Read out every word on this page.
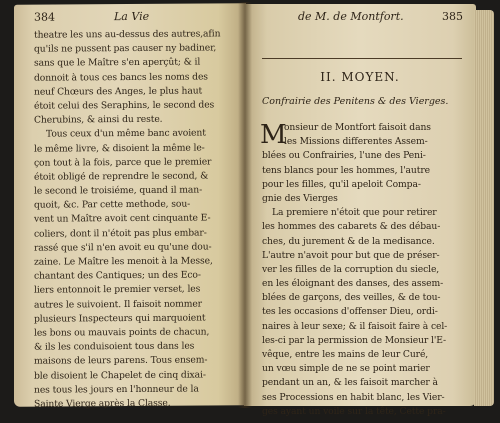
384	La Vie
theatre les uns au-dessus des autres,afin
qu'ils ne pussent pas causer ny badiner,
sans que le Maître s'en aperçût; & il
donnoit à tous ces bancs les noms des
neuf Chœurs des Anges, le plus haut
étoit celui des Seraphins, le second des
Cherubins, & ainsi du reste.
Tous ceux d'un même banc avoient
le même livre, & disoient la même le-
çon tout à la fois, parce que le premier
étoit obligé de reprendre le second, &
le second le troisiéme, quand il man-
quoit, &c. Par cette methode, sou-
vent un Maître avoit cent cinquante E-
coliers, dont il n'étoit pas plus embar-
rassé que s'il n'en avoit eu qu'une dou-
zaine. Le Maître les menoit à la Messe,
chantant des Cantiques; un des Eco-
liers entonnoit le premier verset, les
autres le suivoient. Il faisoit nommer
plusieurs Inspecteurs qui marquoient
les bons ou mauvais points de chacun,
& ils les conduisoient tous dans les
maisons de leurs parens. Tous ensem-
ble disoient le Chapelet de cinq dixai-
nes tous les jours en l'honneur de la
Sainte Vierge après la Classe.
de M. de Montfort.	385
II. MOYEN.
Confrairie des Penitens & des Vierges.
M
onsieur de Montfort faisoit dans
les Missions differentes Assem-
blées ou Confrairies, l'une des Peni-
tens blancs pour les hommes, l'autre
pour les filles, qu'il apeloit Compa-
gnie des Vierges
La premiere n'étoit que pour retirer
les hommes des cabarets & des débau-
ches, du jurement & de la medisance.
L'autre n'avoit pour but que de préser-
ver les filles de la corruption du siecle,
en les éloignant des danses, des assem-
blées de garçons, des veilles, & de tou-
tes les occasions d'offenser Dieu, ordi-
naires à leur sexe; & il faisoit faire à cel-
les-ci par la permission de Monsieur l'E-
vêque, entre les mains de leur Curé,
un vœu simple de ne se point marier
pendant un an, & les faisoit marcher à
ses Processions en habit blanc, les Vier-
ges ayant un voile sur la tête, Cette pra-
